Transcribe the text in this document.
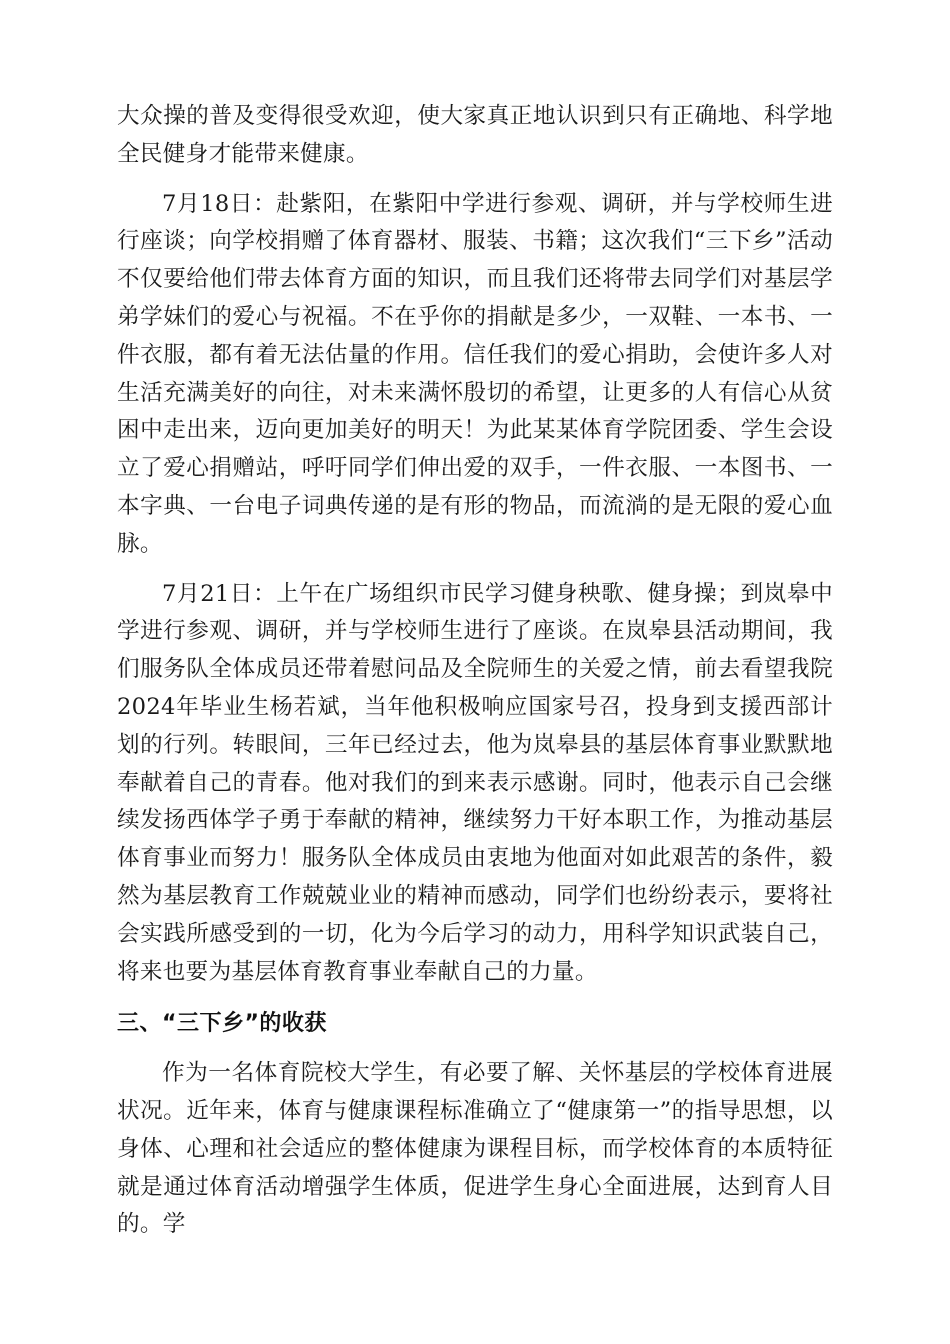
大众操的普及变得很受欢迎，使大家真正地认识到只有正确地、科学地全民健身才能带来健康。

7月18日：赴紫阳，在紫阳中学进行参观、调研，并与学校师生进行座谈；向学校捐赠了体育器材、服装、书籍；这次我们“三下乡”活动不仅要给他们带去体育方面的知识，而且我们还将带去同学们对基层学弟学妹们的爱心与祝福。不在乎你的捐献是多少，一双鞋、一本书、一件衣服，都有着无法估量的作用。信任我们的爱心捐助，会使许多人对生活充满美好的向往，对未来满怀殷切的希望，让更多的人有信心从贫困中走出来，迈向更加美好的明天！为此某某体育学院团委、学生会设立了爱心捐赠站，呼吁同学们伸出爱的双手，一件衣服、一本图书、一本字典、一台电子词典传递的是有形的物品，而流淌的是无限的爱心血脉。

7月21日：上午在广场组织市民学习健身秧歌、健身操；到岚皋中学进行参观、调研，并与学校师生进行了座谈。在岚皋县活动期间，我们服务队全体成员还带着慰问品及全院师生的关爱之情，前去看望我院2024年毕业生杨若斌，当年他积极响应国家号召，投身到支援西部计划的行列。转眼间，三年已经过去，他为岚皋县的基层体育事业默默地奉献着自己的青春。他对我们的到来表示感谢。同时，他表示自己会继续发扬西体学子勇于奉献的精神，继续努力干好本职工作，为推动基层体育事业而努力！服务队全体成员由衷地为他面对如此艰苦的条件，毅然为基层教育工作兢兢业业的精神而感动，同学们也纷纷表示，要将社会实践所感受到的一切，化为今后学习的动力，用科学知识武装自己，将来也要为基层体育教育事业奉献自己的力量。

三、“三下乡”的收获

作为一名体育院校大学生，有必要了解、关怀基层的学校体育进展状况。近年来，体育与健康课程标准确立了“健康第一”的指导思想，以身体、心理和社会适应的整体健康为课程目标，而学校体育的本质特征就是通过体育活动增强学生体质，促进学生身心全面进展，达到育人目的。学
